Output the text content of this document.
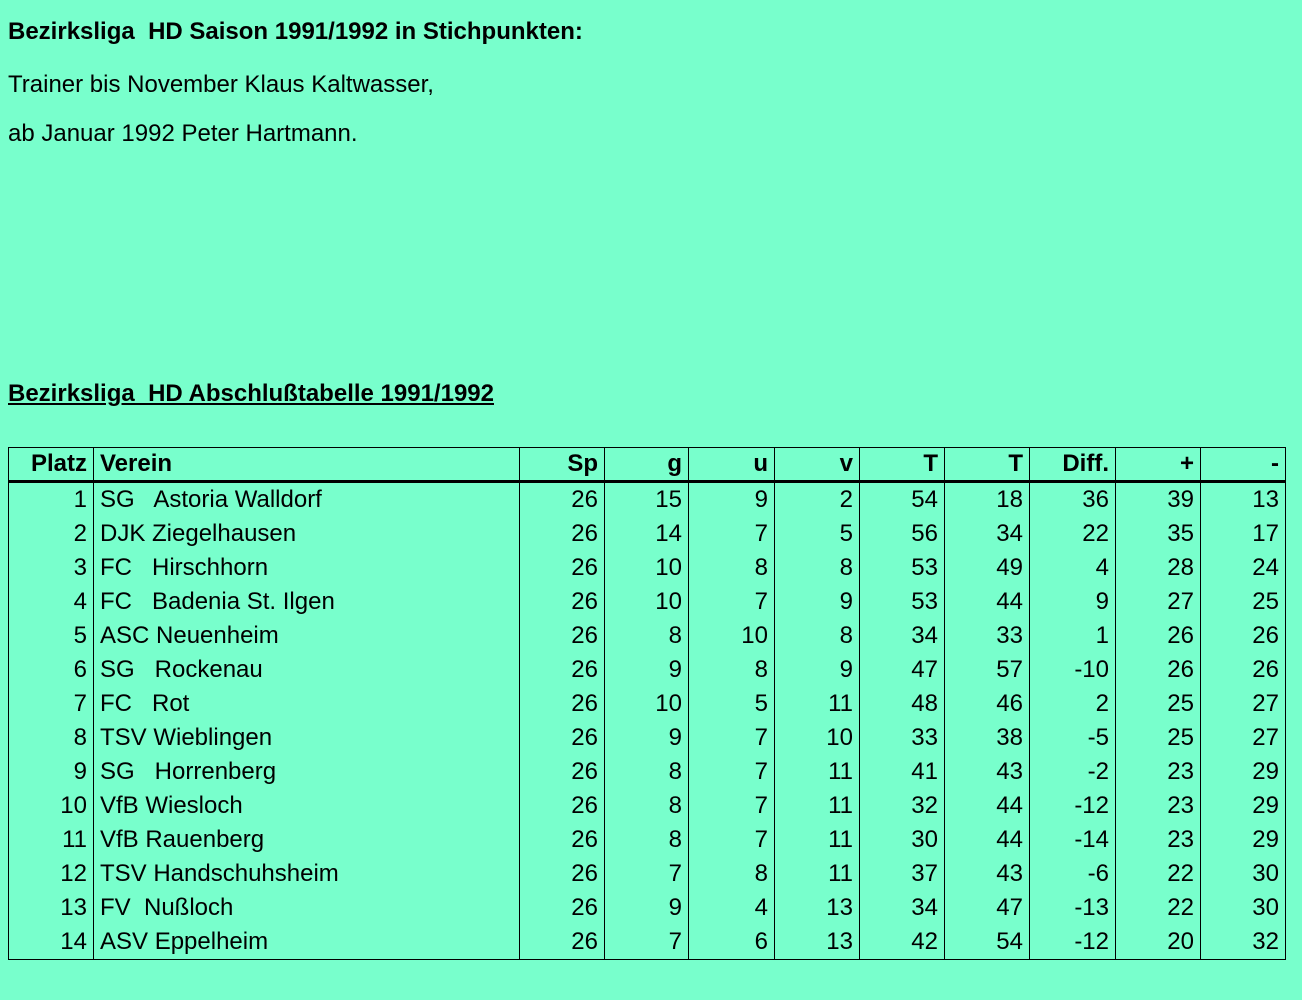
Bezirksliga  HD Saison 1991/1992 in Stichpunkten:
Trainer bis November Klaus Kaltwasser,
ab Januar 1992 Peter Hartmann.
Bezirksliga  HD Abschlußtabelle 1991/1992
Platz	Verein	Sp	g	u	v	T	T	Diff.	+	-
1	SG   Astoria Walldorf	26	15	9	2	54	18	36	39	13
2	DJK Ziegelhausen	26	14	7	5	56	34	22	35	17
3	FC   Hirschhorn	26	10	8	8	53	49	4	28	24
4	FC   Badenia St. Ilgen	26	10	7	9	53	44	9	27	25
5	ASC Neuenheim	26	8	10	8	34	33	1	26	26
6	SG   Rockenau	26	9	8	9	47	57	-10	26	26
7	FC   Rot	26	10	5	11	48	46	2	25	27
8	TSV Wieblingen	26	9	7	10	33	38	-5	25	27
9	SG   Horrenberg	26	8	7	11	41	43	-2	23	29
10	VfB Wiesloch	26	8	7	11	32	44	-12	23	29
11	VfB Rauenberg	26	8	7	11	30	44	-14	23	29
12	TSV Handschuhsheim	26	7	8	11	37	43	-6	22	30
13	FV  Nußloch	26	9	4	13	34	47	-13	22	30
14	ASV Eppelheim	26	7	6	13	42	54	-12	20	32
